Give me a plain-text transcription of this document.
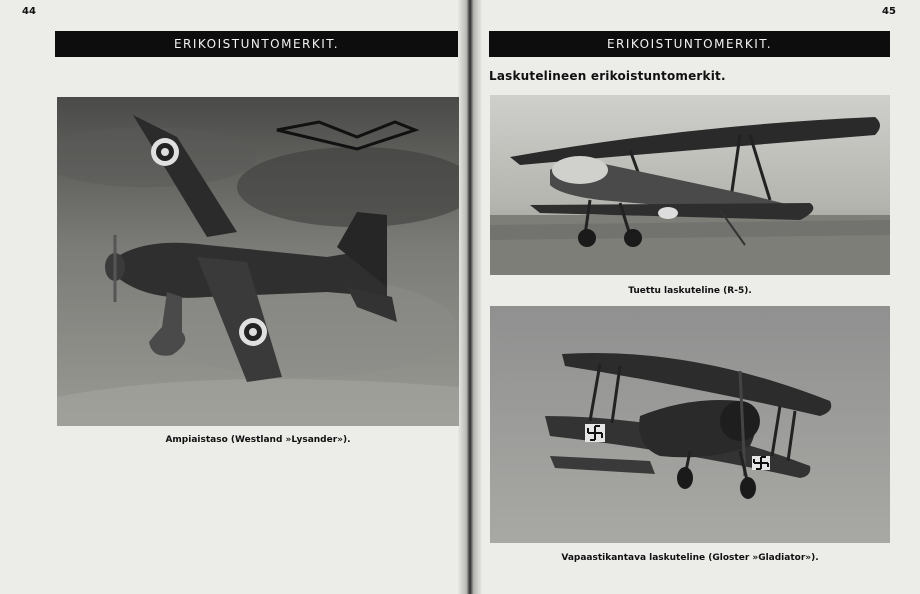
44
ERIKOISTUNTOMERKIT.
Ampiaistaso (Westland »Lysander»).
45
ERIKOISTUNTOMERKIT.
Laskutelineen erikoistuntomerkit.
Tuettu laskuteline (R-5).
Vapaastikantava laskuteline (Gloster »Gladiator»).
